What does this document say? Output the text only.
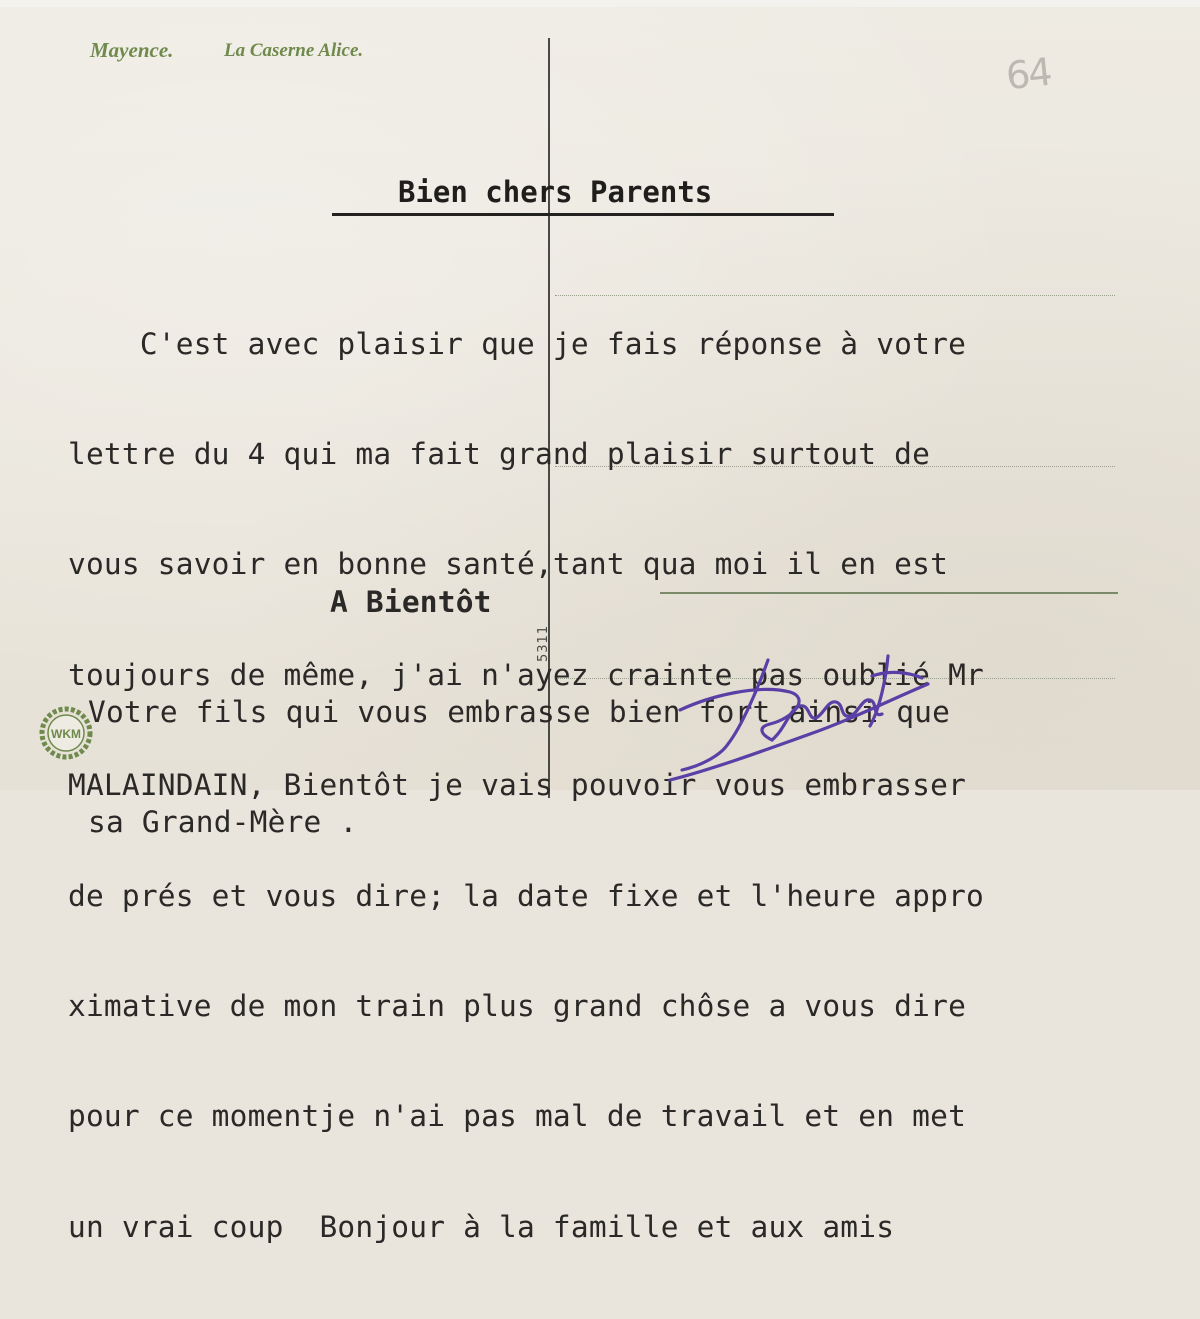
Mayence.	La Caserne Alice.	64
Bien chers Parents

C'est avec plaisir que je fais réponse à votre

lettre du 4 qui ma fait grand plaisir surtout de

vous savoir en bonne santé,tant qua moi il en est

toujours de même, j'ai n'ayez crainte pas oublié Mr

MALAINDAIN, Bientôt je vais pouvoir vous embrasser

de prés et vous dire; la date fixe et l'heure appro

ximative de mon train plus grand chôse a vous dire

pour ce momentje n'ai pas mal de travail et en met

un vrai coup  Bonjour à la famille et aux amis

A Bientôt

Votre fils qui vous embrasse bien fort ainsi que

sa Grand-Mère .

5311
WKM
